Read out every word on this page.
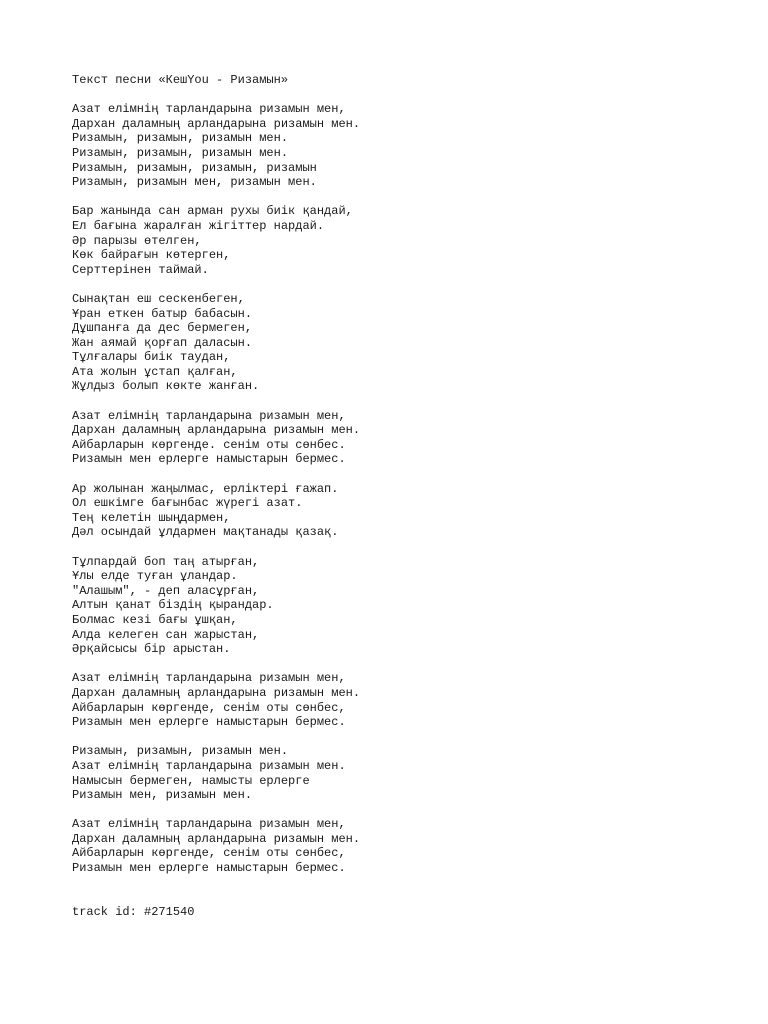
Текст песни «КешYou - Ризамын»
Азат елімнің тарландарына ризамын мен,
Дархан даламның арландарына ризамын мен.
Ризамын, ризамын, ризамын мен.
Ризамын, ризамын, ризамын мен.
Ризамын, ризамын, ризамын, ризамын
Ризамын, ризамын мен, ризамын мен.
Бар жанында сан арман рухы биік қандай,
Ел бағына жаралған жігіттер нардай.
Әр парызы өтелген,
Көк байрағын көтерген,
Серттерінен таймай.
Сынақтан еш сескенбеген,
Ұран еткен батыр бабасын.
Дұшпанға да дес бермеген,
Жан аямай қорғап даласын.
Тұлғалары биік таудан,
Ата жолын ұстап қалған,
Жұлдыз болып көкте жанған.
Азат елімнің тарландарына ризамын мен,
Дархан даламның арландарына ризамын мен.
Айбарларын көргенде. сенім оты сөнбес.
Ризамын мен ерлерге намыстарын бермес.
Ар жолынан жаңылмас, ерліктері ғажап.
Ол ешкімге бағынбас жүрегі азат.
Тең келетін шыңдармен,
Дәл осындай ұлдармен мақтанады қазақ.
Тұлпардай боп таң атырған,
Ұлы елде туған ұландар.
"Алашым", - деп аласұрған,
Алтын қанат біздің қырандар.
Болмас кезі бағы ұшқан,
Алда келеген сан жарыстан,
Әрқайсысы бір арыстан.
Азат елімнің тарландарына ризамын мен,
Дархан даламның арландарына ризамын мен.
Айбарларын көргенде, сенім оты сөнбес,
Ризамын мен ерлерге намыстарын бермес.
Ризамын, ризамын, ризамын мен.
Азат елімнің тарландарына ризамын мен.
Намысын бермеген, намысты ерлерге
Ризамын мен, ризамын мен.
Азат елімнің тарландарына ризамын мен,
Дархан даламның арландарына ризамын мен.
Айбарларын көргенде, сенім оты сөнбес,
Ризамын мен ерлерге намыстарын бермес.
track id: #271540
